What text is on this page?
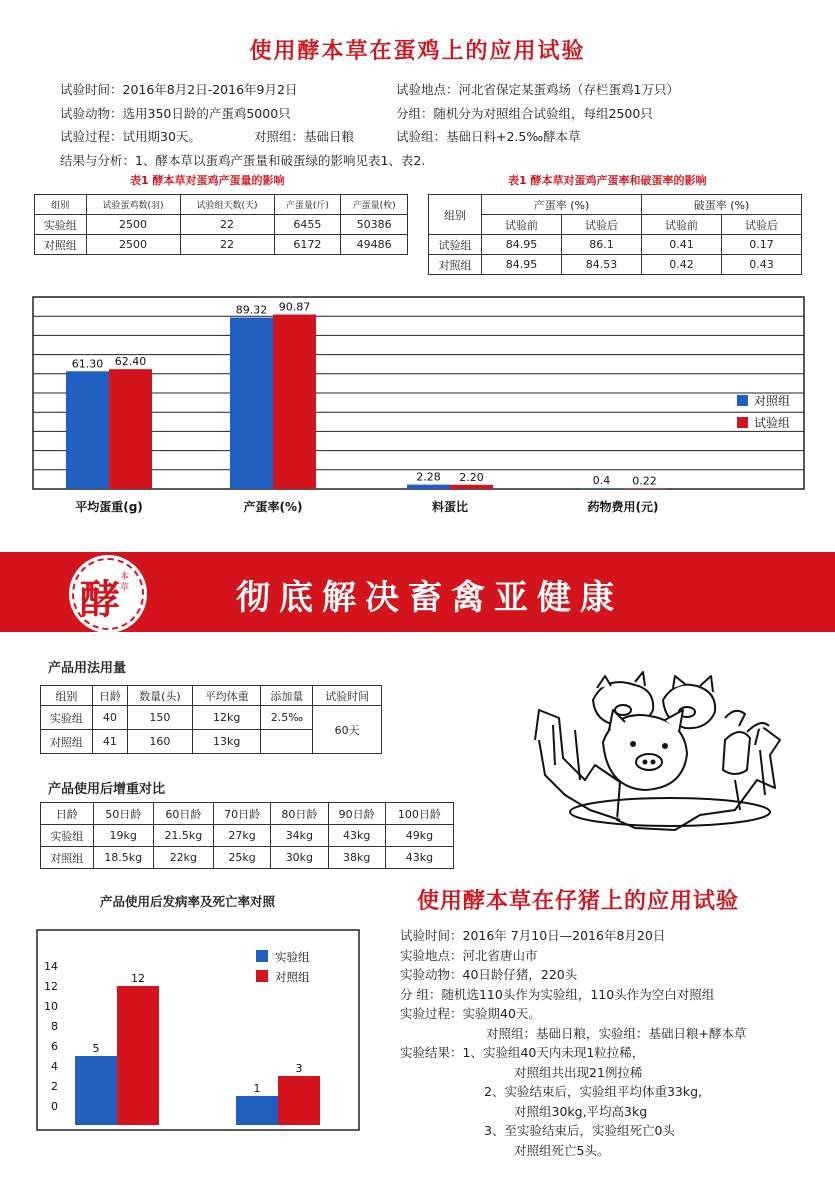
使用酵本草在蛋鸡上的应用试验
试验时间：2016年8月2日-2016年9月2日	试验地点：河北省保定某蛋鸡场（存栏蛋鸡1万只）
试验动物：选用350日龄的产蛋鸡5000只	分组：随机分为对照组合试验组，每组2500只
试验过程：试用期30天。	对照组：基础日粮	试验组：基础日料+2.5‰酵本草
结果与分析：1、酵本草以蛋鸡产蛋量和破蛋绿的影响见表1、表2.
表1 酵本草对蛋鸡产蛋量的影响	表1 酵本草对蛋鸡产蛋率和破蛋率的影响
组别	试验蛋鸡数(羽)	试验组天数(天)	产蛋量(斤)	产蛋量(枚)
实验组	2500	22	6455	50386
对照组	2500	22	6172	49486
组别	产蛋率 (%)		破蛋率 (%)	
	试验前	试验后	试验前	试验后
试验组	84.95	86.1	0.41	0.17
对照组	84.95	84.53	0.42	0.43
61.30 62.40
89.32 90.87
2.28 2.20	0.4 0.22
平均蛋重(g)	产蛋率(%)	料蛋比	药物费用(元)
对照组
试验组
酵 本草	彻底解决畜禽亚健康
产品用法用量
组别	日龄	数量(头)	平均体重	添加量	试验时间
实验组	40	150	12kg	2.5‰	60天
对照组	41	160	13kg		
产品使用后增重对比
日龄	50日龄	60日龄	70日龄	80日龄	90日龄	100日龄
实验组	19kg	21.5kg	27kg	34kg	43kg	49kg
对照组	18.5kg	22kg	25kg	30kg	38kg	43kg
产品使用后发病率及死亡率对照
14
12
10
8
6
4
2
0
5
12
1
3
实验组
对照组
使用酵本草在仔猪上的应用试验
试验时间：2016年 7月10日—2016年8月20日
实验地点：河北省唐山市
实验动物：40日龄仔猪，220头
分 组：随机选110头作为实验组，110头作为空白对照组
实验过程：实验期40天。
对照组：基础日粮，实验组：基础日粮+酵本草
实验结果：1、实验组40天内未现1粒拉稀，
对照组共出现21例拉稀
2、实验结束后，实验组平均体重33kg,
对照组30kg,平均高3kg
3、至实验结束后，实验组死亡0头
对照组死亡5头。
